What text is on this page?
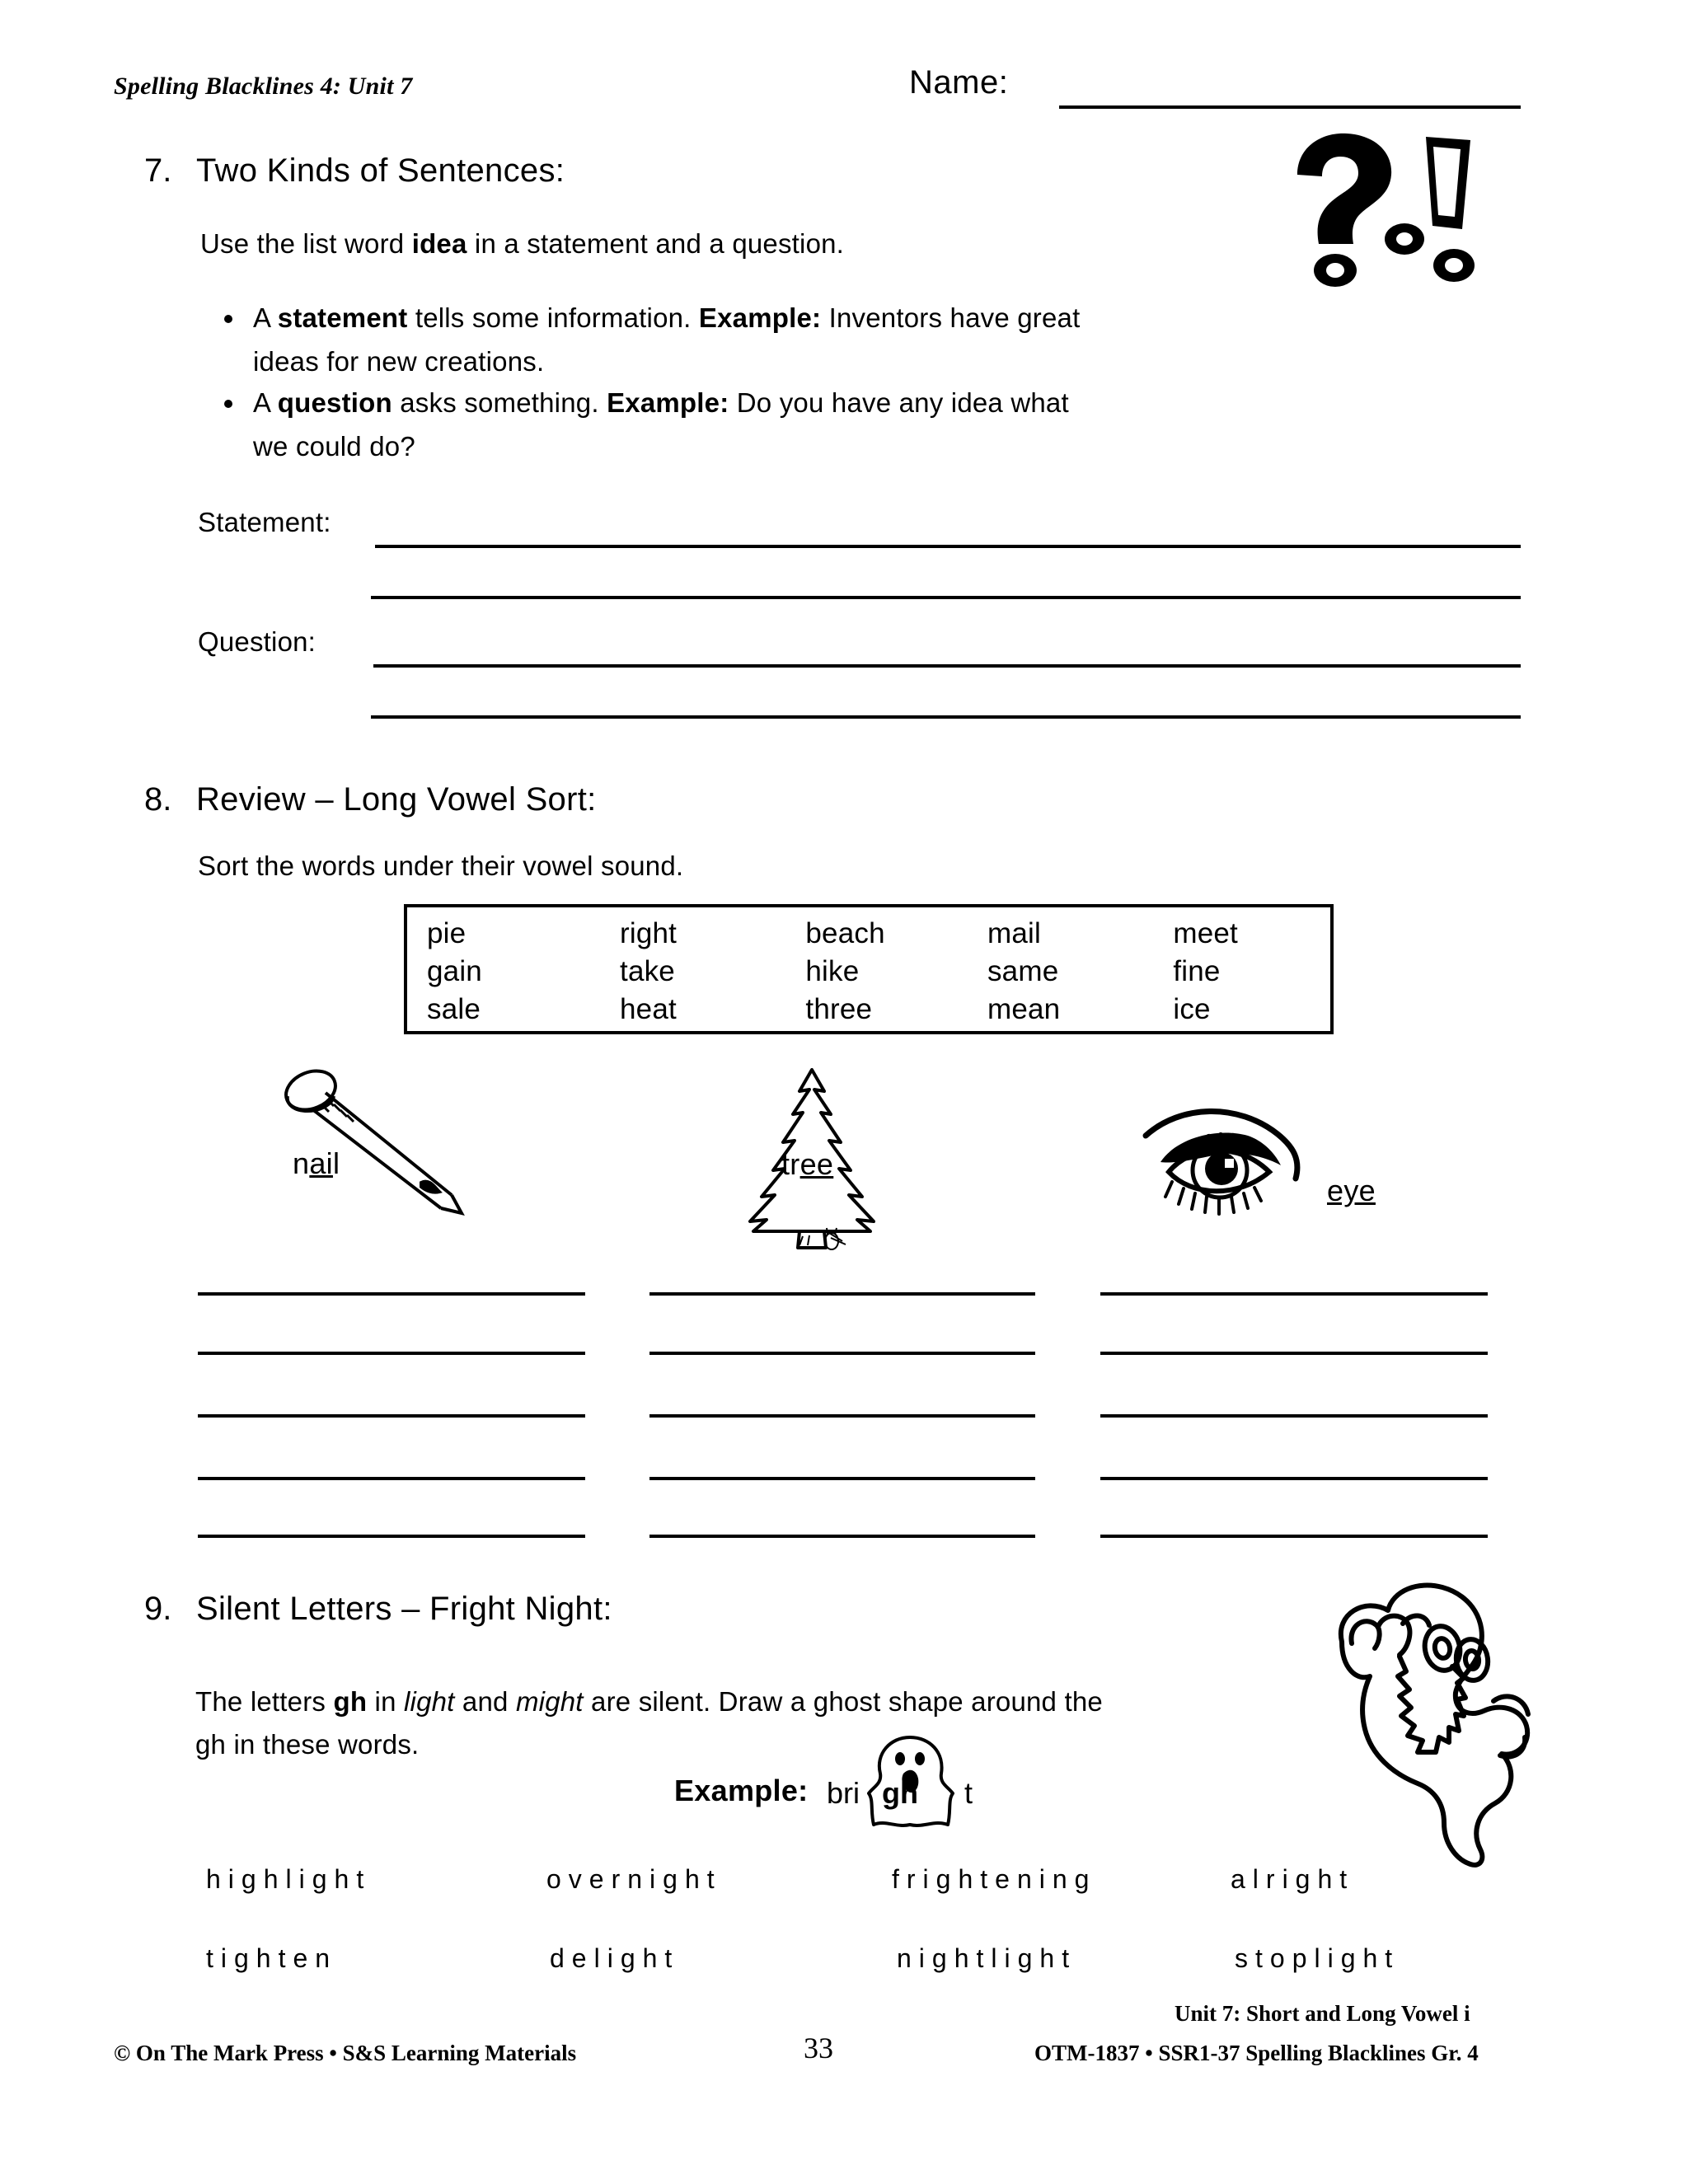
Spelling Blacklines 4: Unit 7	Name:
7. Two Kinds of Sentences:
Use the list word idea in a statement and a question.
A statement tells some information. Example: Inventors have great
ideas for new creations.
A question asks something. Example: Do you have any idea what
we could do?
Statement:
Question:
8. Review – Long Vowel Sort:
Sort the words under their vowel sound.
pie	right	beach	mail	meet
gain	take	hike	same	fine
sale	heat	three	mean	ice
nail	tree
eye
9. Silent Letters – Fright Night:
The letters gh in light and might are silent. Draw a ghost shape around the
gh in these words.
Example: bri gh t
highlight	overnight	frightening	alright
tighten	delight	nightlight	stoplight
Unit 7: Short and Long Vowel i
© On The Mark Press • S&S Learning Materials	33	OTM-1837 • SSR1-37 Spelling Blacklines Gr. 4
